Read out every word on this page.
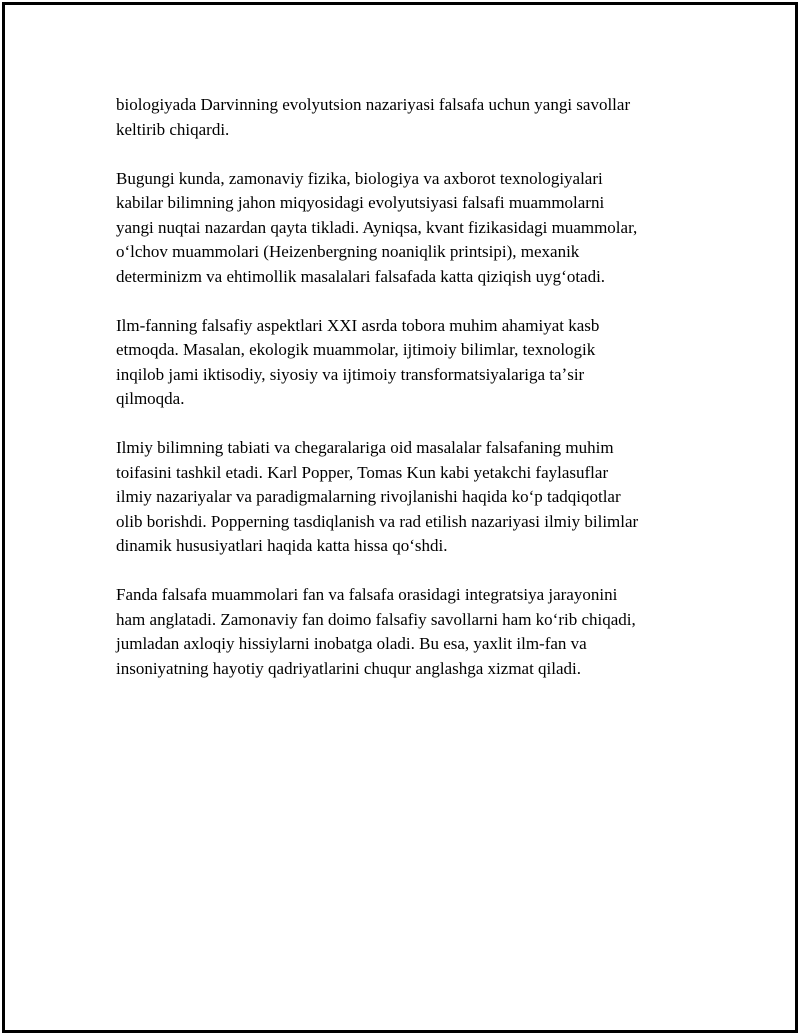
biologiyada Darvinning evolyutsion nazariyasi falsafa uchun yangi savollar
keltirib chiqardi.

Bugungi kunda, zamonaviy fizika, biologiya va axborot texnologiyalari
kabilar bilimning jahon miqyosidagi evolyutsiyasi falsafi muammolarni
yangi nuqtai nazardan qayta tikladi. Ayniqsa, kvant fizikasidagi muammolar,
oʻlchov muammolari (Heizenbergning noaniqlik printsipi), mexanik
determinizm va ehtimollik masalalari falsafada katta qiziqish uygʻotadi.

Ilm-fanning falsafiy aspektlari XXI asrda tobora muhim ahamiyat kasb
etmoqda. Masalan, ekologik muammolar, ijtimoiy bilimlar, texnologik
inqilob jami iktisodiy, siyosiy va ijtimoiy transformatsiyalariga taʼsir
qilmoqda.

Ilmiy bilimning tabiati va chegaralariga oid masalalar falsafaning muhim
toifasini tashkil etadi. Karl Popper, Tomas Kun kabi yetakchi faylasuflar
ilmiy nazariyalar va paradigmalarning rivojlanishi haqida koʻp tadqiqotlar
olib borishdi. Popperning tasdiqlanish va rad etilish nazariyasi ilmiy bilimlar
dinamik hususiyatlari haqida katta hissa qoʻshdi.

Fanda falsafa muammolari fan va falsafa orasidagi integratsiya jarayonini
ham anglatadi. Zamonaviy fan doimo falsafiy savollarni ham koʻrib chiqadi,
jumladan axloqiy hissiylarni inobatga oladi. Bu esa, yaxlit ilm-fan va
insoniyatning hayotiy qadriyatlarini chuqur anglashga xizmat qiladi.
